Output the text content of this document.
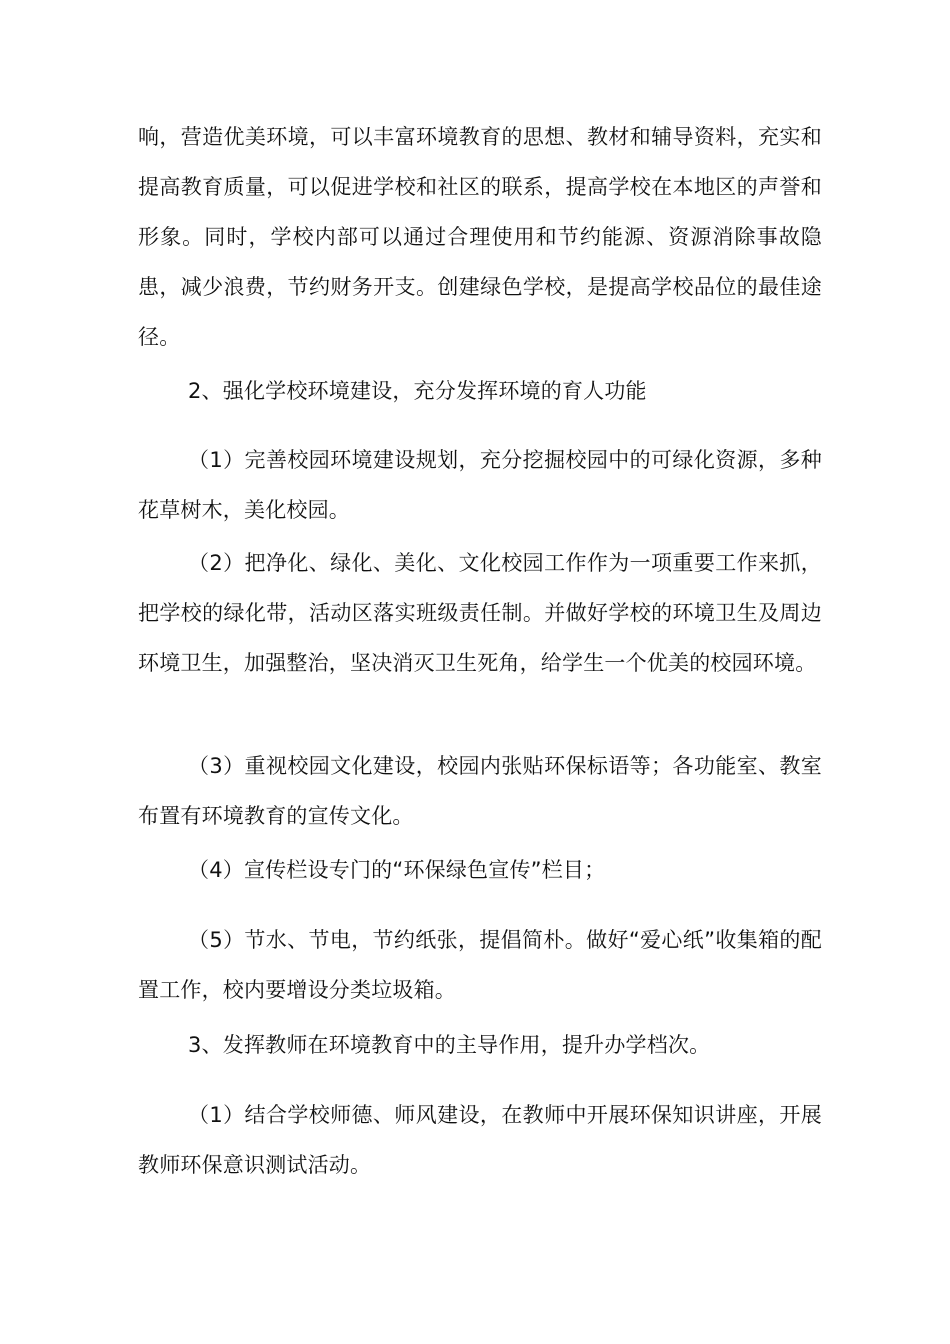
响，营造优美环境，可以丰富环境教育的思想、教材和辅导资料，充实和提高教育质量，可以促进学校和社区的联系，提高学校在本地区的声誉和形象。同时，学校内部可以通过合理使用和节约能源、资源消除事故隐患，减少浪费，节约财务开支。创建绿色学校，是提高学校品位的最佳途径。
2、强化学校环境建设，充分发挥环境的育人功能
（1）完善校园环境建设规划，充分挖掘校园中的可绿化资源，多种花草树木，美化校园。
（2）把净化、绿化、美化、文化校园工作作为一项重要工作来抓，把学校的绿化带，活动区落实班级责任制。并做好学校的环境卫生及周边环境卫生，加强整治，坚决消灭卫生死角，给学生一个优美的校园环境。
（3）重视校园文化建设，校园内张贴环保标语等；各功能室、教室布置有环境教育的宣传文化。
（4）宣传栏设专门的“环保绿色宣传”栏目；
（5）节水、节电，节约纸张，提倡简朴。做好“爱心纸”收集箱的配置工作，校内要增设分类垃圾箱。
3、发挥教师在环境教育中的主导作用，提升办学档次。
（1）结合学校师德、师风建设，在教师中开展环保知识讲座，开展教师环保意识测试活动。
